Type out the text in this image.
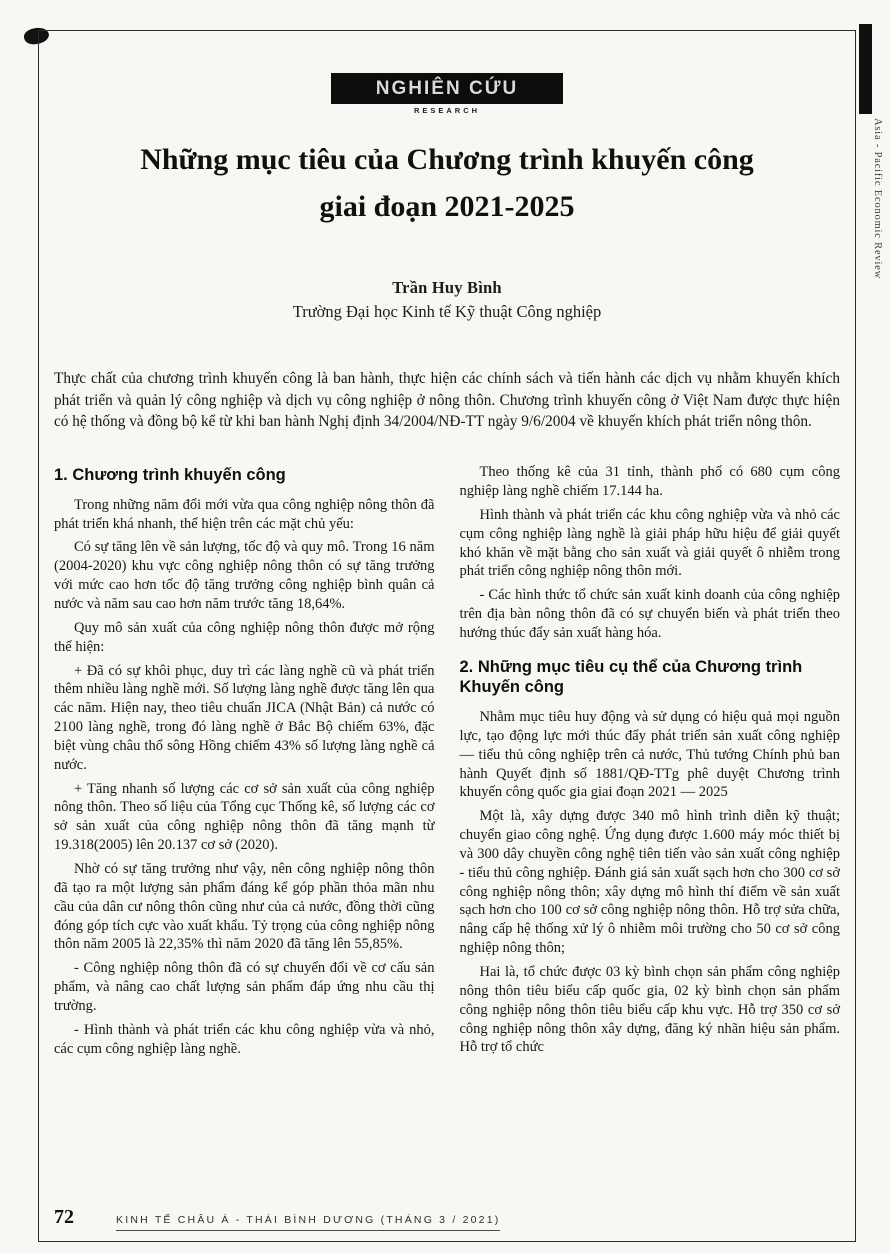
Asia - Pacific Economic Review
NGHIÊN CỨU
RESEARCH
Những mục tiêu của Chương trình khuyến công
giai đoạn 2021-2025
Trần Huy Bình
Trường Đại học Kinh tế Kỹ thuật Công nghiệp

Thực chất của chương trình khuyến công là ban hành, thực hiện các chính sách và tiến hành các dịch vụ nhằm khuyến khích phát triển và quản lý công nghiệp và dịch vụ công nghiệp ở nông thôn. Chương trình khuyến công ở Việt Nam được thực hiện có hệ thống và đồng bộ kể từ khi ban hành Nghị định 34/2004/NĐ-TT ngày 9/6/2004 về khuyến khích phát triển nông thôn.

1. Chương trình khuyến công

Trong những năm đổi mới vừa qua công nghiệp nông thôn đã phát triển khá nhanh, thể hiện trên các mặt chủ yếu:

Có sự tăng lên về sản lượng, tốc độ và quy mô. Trong 16 năm (2004-2020) khu vực công nghiệp nông thôn có sự tăng trưởng với mức cao hơn tốc độ tăng trưởng công nghiệp bình quân cả nước và năm sau cao hơn năm trước tăng 18,64%.

Quy mô sản xuất của công nghiệp nông thôn được mở rộng thể hiện:

+ Đã có sự khôi phục, duy trì các làng nghề cũ và phát triển thêm nhiều làng nghề mới. Số lượng làng nghề được tăng lên qua các năm. Hiện nay, theo tiêu chuẩn JICA (Nhật Bản) cả nước có 2100 làng nghề, trong đó làng nghề ở Bắc Bộ chiếm 63%, đặc biệt vùng châu thổ sông Hồng chiếm 43% số lượng làng nghề cả nước.

+ Tăng nhanh số lượng các cơ sở sản xuất của công nghiệp nông thôn. Theo số liệu của Tổng cục Thống kê, số lượng các cơ sở sản xuất của công nghiệp nông thôn đã tăng mạnh từ 19.318(2005) lên 20.137 cơ sở (2020).

Nhờ có sự tăng trưởng như vậy, nên công nghiệp nông thôn đã tạo ra một lượng sản phẩm đáng kể góp phần thỏa mãn nhu cầu của dân cư nông thôn cũng như của cả nước, đồng thời cũng đóng góp tích cực vào xuất khẩu. Tỷ trọng của công nghiệp nông thôn năm 2005 là 22,35% thì năm 2020 đã tăng lên 55,85%.

- Công nghiệp nông thôn đã có sự chuyển đổi về cơ cấu sản phẩm, và nâng cao chất lượng sản phẩm đáp ứng nhu cầu thị trường.

- Hình thành và phát triển các khu công nghiệp vừa và nhỏ, các cụm công nghiệp làng nghề.

Theo thống kê của 31 tỉnh, thành phố có 680 cụm công nghiệp làng nghề chiếm 17.144 ha.

Hình thành và phát triển các khu công nghiệp vừa và nhỏ các cụm công nghiệp làng nghề là giải pháp hữu hiệu để giải quyết khó khăn về mặt bằng cho sản xuất và giải quyết ô nhiễm trong phát triển công nghiệp nông thôn mới.

- Các hình thức tổ chức sản xuất kinh doanh của công nghiệp trên địa bàn nông thôn đã có sự chuyển biến và phát triển theo hướng thúc đẩy sản xuất hàng hóa.

2. Những mục tiêu cụ thể của Chương trình Khuyến công

Nhằm mục tiêu huy động và sử dụng có hiệu quả mọi nguồn lực, tạo động lực mới thúc đẩy phát triển sản xuất công nghiệp — tiểu thủ công nghiệp trên cả nước, Thủ tướng Chính phủ ban hành Quyết định số 1881/QĐ-TTg phê duyệt Chương trình khuyến công quốc gia giai đoạn 2021 — 2025

Một là, xây dựng được 340 mô hình trình diễn kỹ thuật; chuyển giao công nghệ. Ứng dụng được 1.600 máy móc thiết bị và 300 dây chuyền công nghệ tiên tiến vào sản xuất công nghiệp - tiểu thủ công nghiệp. Đánh giá sản xuất sạch hơn cho 300 cơ sở công nghiệp nông thôn; xây dựng mô hình thí điểm về sản xuất sạch hơn cho 100 cơ sở công nghiệp nông thôn. Hỗ trợ sửa chữa, nâng cấp hệ thống xử lý ô nhiễm môi trường cho 50 cơ sở công nghiệp nông thôn;

Hai là, tổ chức được 03 kỳ bình chọn sản phẩm công nghiệp nông thôn tiêu biểu cấp quốc gia, 02 kỳ bình chọn sản phẩm công nghiệp nông thôn tiêu biểu cấp khu vực. Hỗ trợ 350 cơ sở công nghiệp nông thôn xây dựng, đăng ký nhãn hiệu sản phẩm. Hỗ trợ tổ chức

72	KINH TẾ CHÂU Á - THÁI BÌNH DƯƠNG (THÁNG 3 / 2021)
